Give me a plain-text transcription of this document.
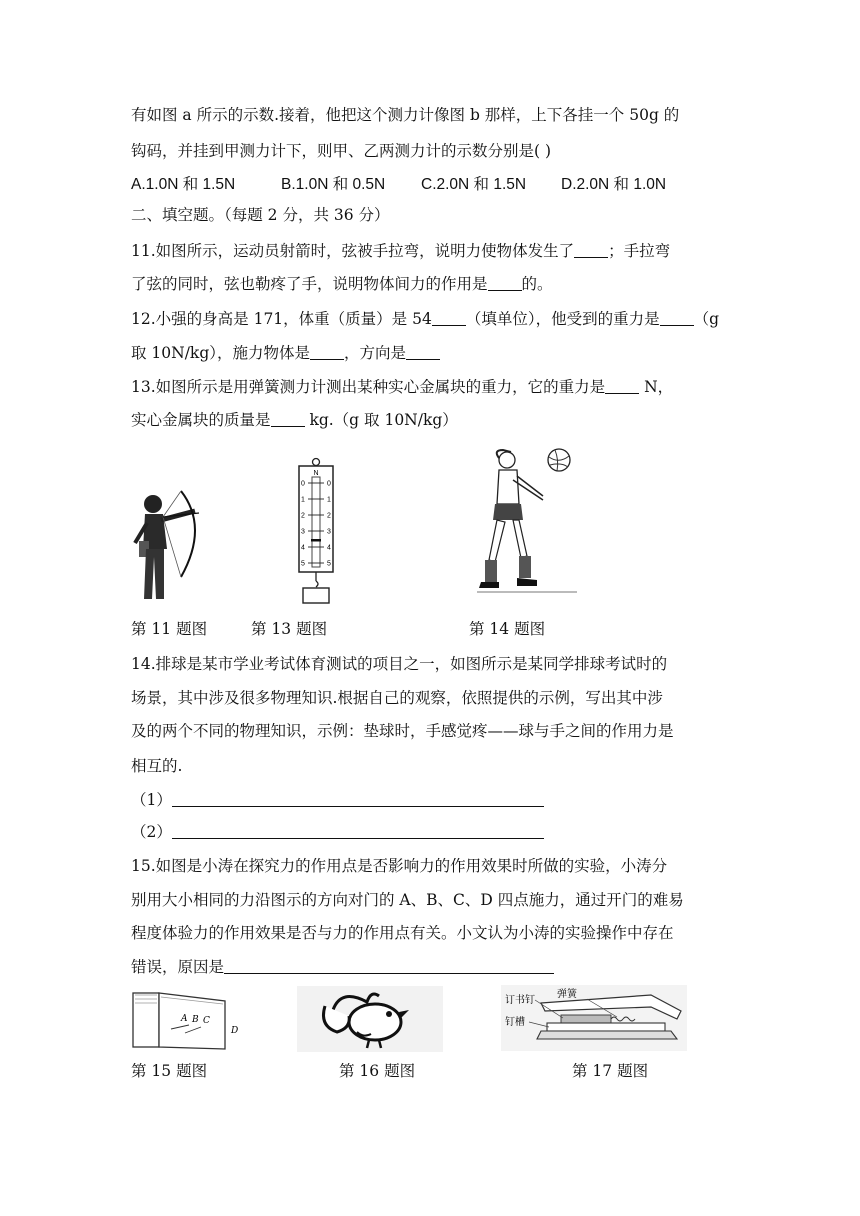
有如图 a 所示的示数.接着，他把这个测力计像图 b 那样，上下各挂一个 50g 的
钩码，并挂到甲测力计下，则甲、乙两测力计的示数分别是( )
A.1.0N 和 1.5N	B.1.0N 和 0.5N C.2.0N 和 1.5N D.2.0N 和 1.0N
二、填空题。（每题 2 分，共 36 分）
11.如图所示，运动员射箭时，弦被手拉弯，说明力使物体发生了 ；手拉弯
了弦的同时，弦也勒疼了手，说明物体间力的作用是 的。
12.小强的身高是 171，体重（质量）是 54 （填单位），他受到的重力是 （g
取 10N/kg），施力物体是 ，方向是
13.如图所示是用弹簧测力计测出某种实心金属块的重力，它的重力是 N，
实心金属块的质量是 kg.（g 取 10N/kg）
N
0	0
1	1
2	2
3	3
4	4
5	5
第 11 题图	第 13 题图	第 14 题图
14.排球是某市学业考试体育测试的项目之一，如图所示是某同学排球考试时的
场景，其中涉及很多物理知识.根据自己的观察，依照提供的示例，写出其中涉
及的两个不同的物理知识，示例：垫球时，手感觉疼——球与手之间的作用力是
相互的.
（1）
（2）
15.如图是小涛在探究力的作用点是否影响力的作用效果时所做的实验，小涛分
别用大小相同的力沿图示的方向对门的 A、B、C、D 四点施力，通过开门的难易
程度体验力的作用效果是否与力的作用点有关。小文认为小涛的实验操作中存在
错误，原因是
A B C
D
订书钉
弹簧
钉槽
第 15 题图	第 16 题图	第 17 题图
